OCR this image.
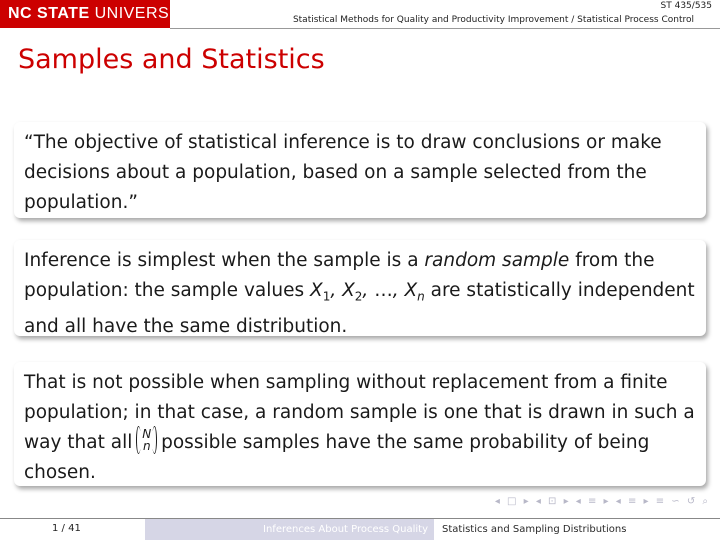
NC STATE UNIVERSITY	ST 435/535
Statistical Methods for Quality and Productivity Improvement / Statistical Process Control
Samples and Statistics
“The objective of statistical inference is to draw conclusions or make decisions about a population, based on a sample selected from the population.”
Inference is simplest when the sample is a random sample from the population: the sample values $X_1$, $X_2$, …, $X_n$ are statistically independent and all have the same distribution.
That is not possible when sampling without replacement from a finite population; in that case, a random sample is one that is drawn in such a way that all N
n possible samples have the same probability of being chosen.
◂ □ ▸ ◂ ⊡ ▸ ◂ ≡ ▸ ◂ ≡ ▸ ≡ ∽ ↺ ⌕
1 / 41	Inferences About Process Quality	Statistics and Sampling Distributions
